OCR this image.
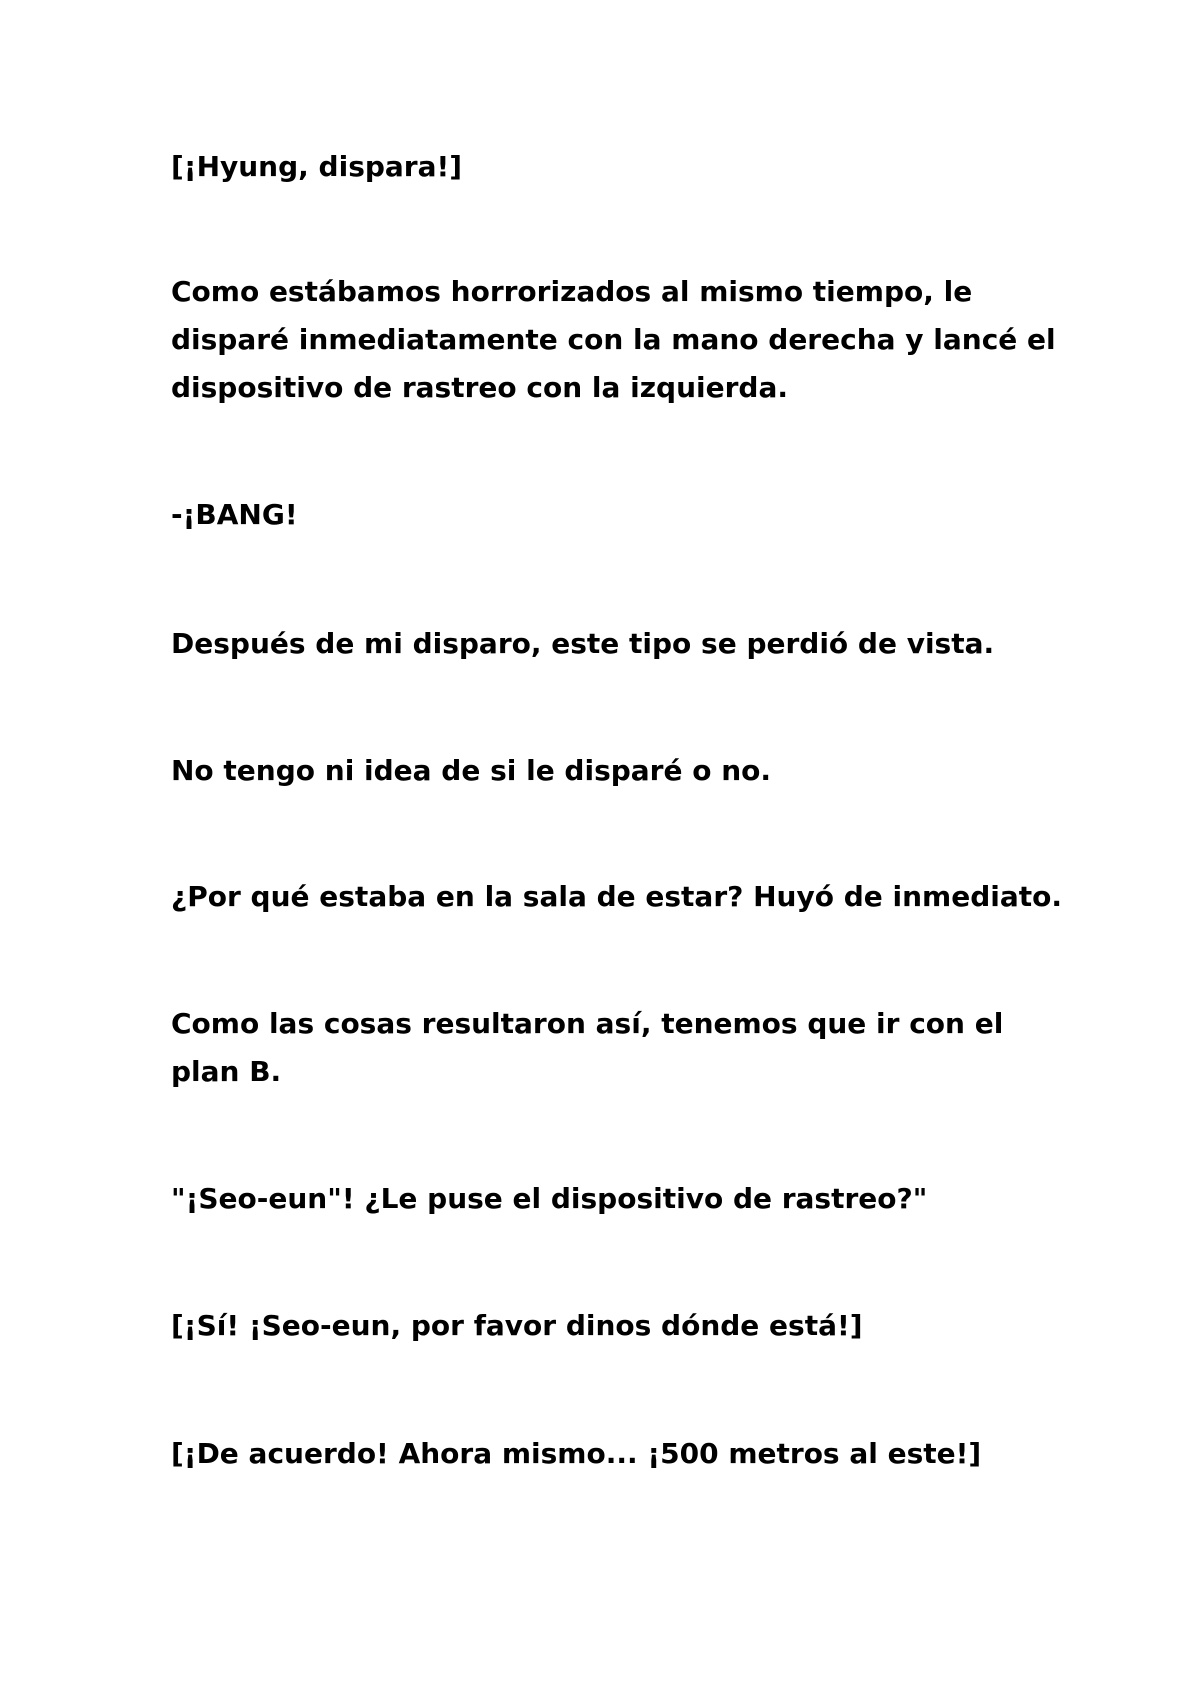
[¡Hyung, dispara!]

Como estábamos horrorizados al mismo tiempo, le
disparé inmediatamente con la mano derecha y lancé el
dispositivo de rastreo con la izquierda.

-¡BANG!

Después de mi disparo, este tipo se perdió de vista.

No tengo ni idea de si le disparé o no.

¿Por qué estaba en la sala de estar? Huyó de inmediato.

Como las cosas resultaron así, tenemos que ir con el
plan B.

"¡Seo-eun"! ¿Le puse el dispositivo de rastreo?"

[¡Sí! ¡Seo-eun, por favor dinos dónde está!]

[¡De acuerdo! Ahora mismo... ¡500 metros al este!]
